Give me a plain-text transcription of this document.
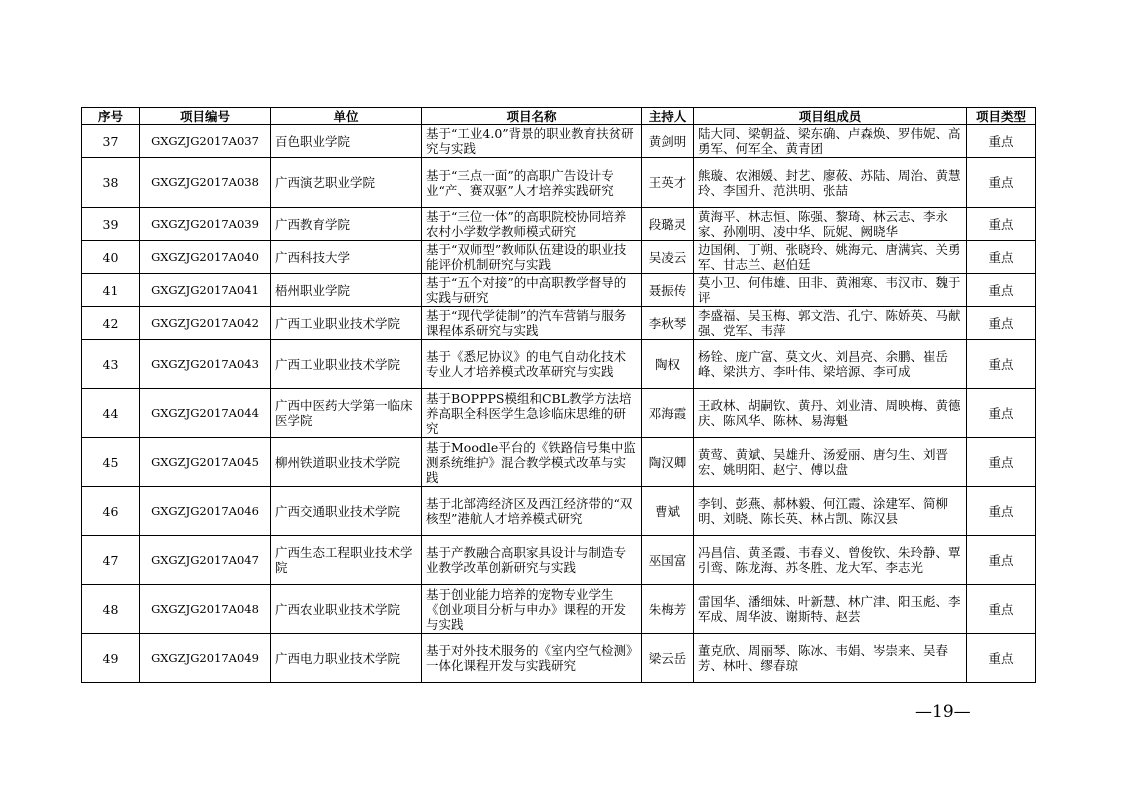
序号	项目编号	单位	项目名称	主持人	项目组成员	项目类型
37	GXGZJG2017A037	百色职业学院	基于“工业4.0”背景的职业教育扶贫研究与实践	黄剑明	陆大同、梁朝益、梁东确、卢森焕、罗伟妮、高勇军、何军全、黄青团	重点
38	GXGZJG2017A038	广西演艺职业学院	基于“三点一面”的高职广告设计专业“产、赛双驱”人才培养实践研究	王英才	熊璇、农湘媛、封艺、廖莜、苏陆、周治、黄慧玲、李国升、范洪明、张喆	重点
39	GXGZJG2017A039	广西教育学院	基于“三位一体”的高职院校协同培养农村小学数学教师模式研究	段璐灵	黄海平、林志恒、陈强、黎琦、林云志、李永家、孙刚明、凌中华、阮妮、阙晓华	重点
40	GXGZJG2017A040	广西科技大学	基于“双师型”教师队伍建设的职业技能评价机制研究与实践	吴凌云	边国俐、丁朔、张晓玲、姚海元、唐满宾、关勇军、甘志兰、赵伯廷	重点
41	GXGZJG2017A041	梧州职业学院	基于“五个对接”的中高职教学督导的实践与研究	聂振传	莫小卫、何伟雄、田非、黄湘寒、韦汉市、魏于评	重点
42	GXGZJG2017A042	广西工业职业技术学院	基于“现代学徒制”的汽车营销与服务课程体系研究与实践	李秋琴	李盛福、吴玉梅、郭文浩、孔宁、陈娇英、马献强、党军、韦萍	重点
43	GXGZJG2017A043	广西工业职业技术学院	基于《悉尼协议》的电气自动化技术专业人才培养模式改革研究与实践	陶权	杨铨、庞广富、莫文火、刘昌亮、余鹏、崔岳峰、梁洪方、李叶伟、梁培源、李可成	重点
44	GXGZJG2017A044	广西中医药大学第一临床医学院	基于BOPPPS模组和CBL教学方法培养高职全科医学生急诊临床思维的研究	邓海霞	王政林、胡嗣钦、黄丹、刘业清、周映梅、黄德庆、陈风华、陈林、易海魁	重点
45	GXGZJG2017A045	柳州铁道职业技术学院	基于Moodle平台的《铁路信号集中监测系统维护》混合教学模式改革与实践	陶汉卿	黄莺、黄斌、吴雄升、汤爱丽、唐匀生、刘晋宏、姚明阳、赵宁、傅以盘	重点
46	GXGZJG2017A046	广西交通职业技术学院	基于北部湾经济区及西江经济带的“双核型”港航人才培养模式研究	曹斌	李钊、彭燕、郝林毅、何江霞、涂建军、简柳明、刘晓、陈长英、林占凯、陈汉县	重点
47	GXGZJG2017A047	广西生态工程职业技术学院	基于产教融合高职家具设计与制造专业教学改革创新研究与实践	巫国富	冯昌信、黄圣霞、韦春义、曾俊钦、朱玲静、覃引鸾、陈龙海、苏冬胜、龙大军、李志光	重点
48	GXGZJG2017A048	广西农业职业技术学院	基于创业能力培养的宠物专业学生《创业项目分析与申办》课程的开发与实践	朱梅芳	雷国华、潘细妹、叶新慧、林广津、阳玉彪、李军成、周华波、谢斯特、赵芸	重点
49	GXGZJG2017A049	广西电力职业技术学院	基于对外技术服务的《室内空气检测》一体化课程开发与实践研究	梁云岳	董克欣、周丽琴、陈冰、韦娟、岑崇来、吴春芳、林叶、缪春琼	重点
—19—
